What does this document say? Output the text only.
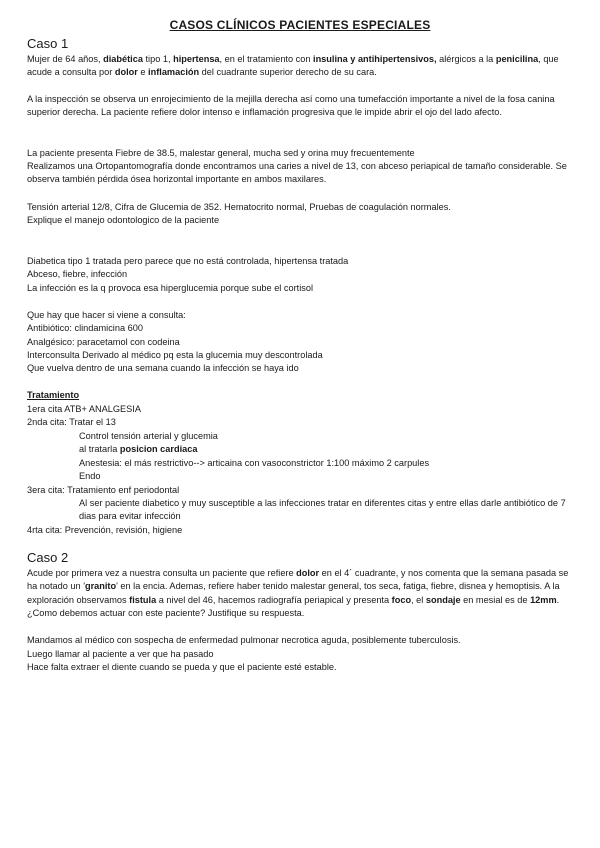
CASOS CLÍNICOS PACIENTES ESPECIALES
Caso 1

Mujer de 64 años, diabética tipo 1, hipertensa, en el tratamiento con insulina y antihipertensivos, alérgicos a la penicilina, que acude a consulta por dolor e inflamación del cuadrante superior derecho de su cara.

A la inspección se observa un enrojecimiento de la mejilla derecha así como una tumefacción importante a nivel de la fosa canina superior derecha. La paciente refiere dolor intenso e inflamación progresiva que le impide abrir el ojo del lado afecto.

La paciente presenta Fiebre de 38.5, malestar general, mucha sed y orina muy frecuentemente

Realizamos una Ortopantomografía donde encontramos una caries a nivel de 13, con abceso periapical de tamaño considerable. Se observa también pérdida ósea horizontal importante en ambos maxilares.

Tensión arterial 12/8, Cifra de Glucemia de 352. Hematocrito normal, Pruebas de coagulación normales.
Explique el manejo odontologico de la paciente
Diabetica tipo 1 tratada pero parece que no está controlada, hipertensa tratada
Abceso, fiebre, infección
La infección es la q provoca esa hiperglucemia porque sube el cortisol
Que hay que hacer si viene a consulta:
Antibiótico: clindamicina 600
Analgésico: paracetamol con codeina
Interconsulta Derivado al médico pq esta la glucemia muy descontrolada
Que vuelva dentro de una semana cuando la infección se haya ido
Tratamiento
1era cita ATB+ ANALGESIA
2nda cita: Tratar el 13
Control tensión arterial y glucemia
al tratarla posicion cardiaca
Anestesia: el más restrictivo--> articaina con vasoconstrictor 1:100 máximo 2 carpules
Endo
3era cita: Tratamiento enf periodontal

Al ser paciente diabetico y muy susceptible a las infecciones tratar en diferentes citas y entre ellas darle antibiótico de 7 dias para evitar infección

4rta cita: Prevención, revisión, higiene
Caso 2

Acude por primera vez a nuestra consulta un paciente que refiere dolor en el 4´ cuadrante, y nos comenta que la semana pasada se ha notado un 'granito' en la encia. Ademas, refiere haber tenido malestar general, tos seca, fatiga, fiebre, disnea y hemoptisis. A la exploración observamos fistula a nivel del 46, hacemos radiografía periapical y presenta foco, el sondaje en mesial es de 12mm. ¿Como debemos actuar con este paciente? Justifique su respuesta.

Mandamos al médico con sospecha de enfermedad pulmonar necrotica aguda, posiblemente tuberculosis.
Luego llamar al paciente a ver que ha pasado
Hace falta extraer el diente cuando se pueda y que el paciente esté estable.
